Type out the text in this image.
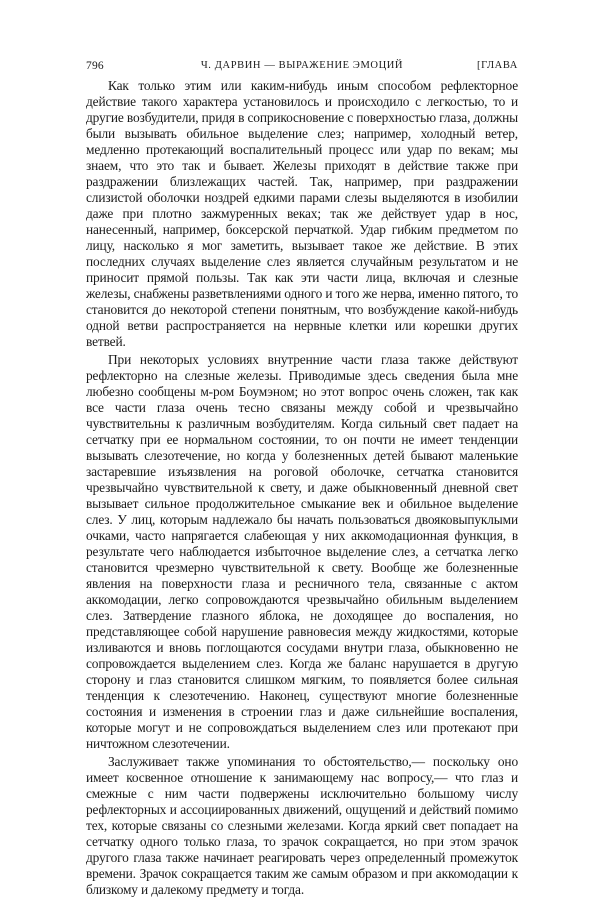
796	Ч. ДАРВИН — ВЫРАЖЕНИЕ ЭМОЦИЙ	[ГЛАВА

Как только этим или каким-нибудь иным способом рефлекторное действие такого характера установилось и происходило с легкостью, то и другие возбудители, придя в соприкосновение с поверхностью глаза, должны были вызывать обильное выделение слез; например, холодный ветер, медленно протекающий воспалительный процесс или удар по векам; мы знаем, что это так и бывает. Железы приходят в действие также при раздражении близлежащих частей. Так, например, при раздражении слизистой оболочки ноздрей едкими парами слезы выделяются в изобилии даже при плотно зажмуренных веках; так же действует удар в нос, нанесенный, например, боксерской перчаткой. Удар гибким предметом по лицу, насколько я мог заметить, вызывает такое же действие. В этих последних случаях выделение слез является случайным результатом и не приносит прямой пользы. Так как эти части лица, включая и слезные железы, снабжены разветвлениями одного и того же нерва, именно пятого, то становится до некоторой степени понятным, что возбуждение какой-нибудь одной ветви распространяется на нервные клетки или корешки других ветвей.

При некоторых условиях внутренние части глаза также действуют рефлекторно на слезные железы. Приводимые здесь сведения была мне любезно сообщены м-ром Боумэном; но этот вопрос очень сложен, так как все части глаза очень тесно связаны между собой и чрезвычайно чувствительны к различным возбудителям. Когда сильный свет падает на сетчатку при ее нормальном состоянии, то он почти не имеет тенденции вызывать слезотечение, но когда у болезненных детей бывают маленькие застаревшие изъязвления на роговой оболочке, сетчатка становится чрезвычайно чувствительной к свету, и даже обыкновенный дневной свет вызывает сильное продолжительное смыкание век и обильное выделение слез. У лиц, которым надлежало бы начать пользоваться двояковыпуклыми очками, часто напрягается слабеющая у них аккомодационная функция, в результате чего наблюдается избыточное выделение слез, а сетчатка легко становится чрезмерно чувствительной к свету. Вообще же болезненные явления на поверхности глаза и ресничного тела, связанные с актом аккомодации, легко сопровождаются чрезвычайно обильным выделением слез. Затвердение глазного яблока, не доходящее до воспаления, но представляющее собой нарушение равновесия между жидкостями, которые изливаются и вновь поглощаются сосудами внутри глаза, обыкновенно не сопровождается выделением слез. Когда же баланс нарушается в другую сторону и глаз становится слишком мягким, то появляется более сильная тенденция к слезотечению. Наконец, существуют многие болезненные состояния и изменения в строении глаз и даже сильнейшие воспаления, которые могут и не сопровождаться выделением слез или протекают при ничтожном слезотечении.

Заслуживает также упоминания то обстоятельство,— поскольку оно имеет косвенное отношение к занимающему нас вопросу,— что глаз и смежные с ним части подвержены исключительно большому числу рефлекторных и ассоциированных движений, ощущений и действий помимо тех, которые связаны со слезными железами. Когда яркий свет попадает на сетчатку одного только глаза, то зрачок сокращается, но при этом зрачок другого глаза также начинает реагировать через определенный промежуток времени. Зрачок сокращается таким же самым образом и при аккомодации к близкому и далекому предмету и тогда.
